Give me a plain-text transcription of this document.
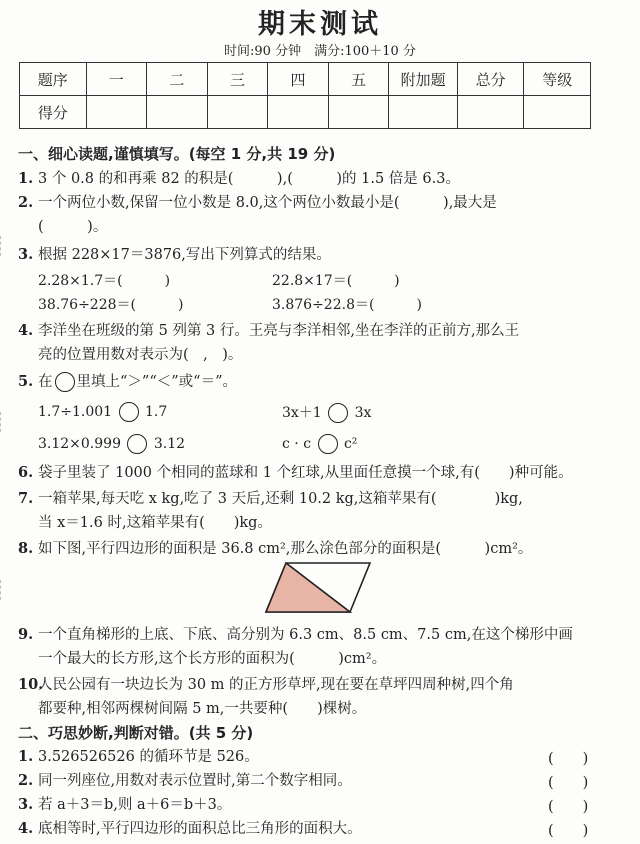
期末测试
时间:90 分钟　满分:100＋10 分
题序	一	二	三	四	五	附加题	总分	等级
得分								
一、细心读题,谨慎填写。(每空 1 分,共 19 分)
1. 3 个 0.8 的和再乘 82 的积是(　　　),(　　　)的 1.5 倍是 6.3。
2. 一个两位小数,保留一位小数是 8.0,这个两位小数最小是(　　　),最大是
(　　　)。
3. 根据 228×17＝3876,写出下列算式的结果。
2.28×1.7＝(　　　)	22.8×17＝(　　　)
38.76÷228＝(　　　)	3.876÷22.8＝(　　　)
4. 李洋坐在班级的第 5 列第 3 行。王亮与李洋相邻,坐在李洋的正前方,那么王
亮的位置用数对表示为(　,　)。
5. 在 里填上“＞”“＜”或“＝”。
1.7÷1.001 1.7	3x＋1 3x
3.12×0.999 3.12	c · c c²
6. 袋子里装了 1000 个相同的蓝球和 1 个红球,从里面任意摸一个球,有(　　)种可能。
7. 一箱苹果,每天吃 x kg,吃了 3 天后,还剩 10.2 kg,这箱苹果有(　　　　)kg,
当 x＝1.6 时,这箱苹果有(　　)kg。
8. 如下图,平行四边形的面积是 36.8 cm²,那么涂色部分的面积是(　　　)cm²。
9. 一个直角梯形的上底、下底、高分别为 6.3 cm、8.5 cm、7.5 cm,在这个梯形中画
一个最大的长方形,这个长方形的面积为(　　　)cm²。
10.人民公园有一块边长为 30 m 的正方形草坪,现在要在草坪四周种树,四个角
都要种,相邻两棵树间隔 5 m,一共要种(　　)棵树。
二、巧思妙断,判断对错。(共 5 分)
1. 3.526526526 的循环节是 526。	(　　)
2. 同一列座位,用数对表示位置时,第二个数字相同。	(　　)
3. 若 a＋3＝b,则 a＋6＝b＋3。	(　　)
4. 底相等时,平行四边形的面积总比三角形的面积大。	(　　)
